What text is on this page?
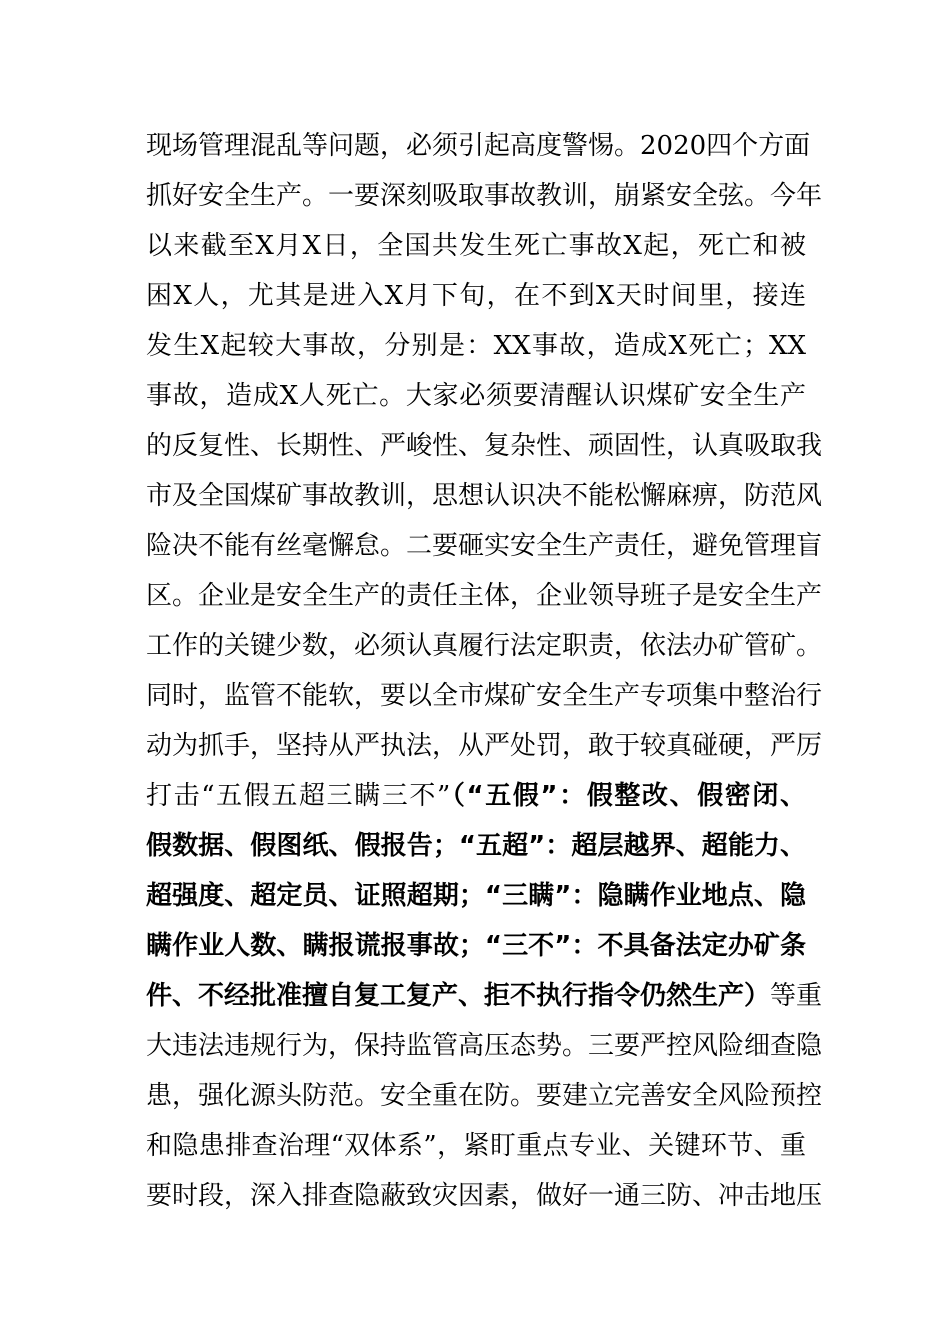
现场管理混乱等问题，必须引起高度警惕。2020四个方面
抓好安全生产。一要深刻吸取事故教训，崩紧安全弦。今年
以来截至X月X日，全国共发生死亡事故X起，死亡和被
困X人，尤其是进入X月下旬，在不到X天时间里，接连
发生X起较大事故，分别是：XX事故，造成X死亡；XX
事故，造成X人死亡。大家必须要清醒认识煤矿安全生产
的反复性、长期性、严峻性、复杂性、顽固性，认真吸取我
市及全国煤矿事故教训，思想认识决不能松懈麻痹，防范风
险决不能有丝毫懈怠。二要砸实安全生产责任，避免管理盲
区。企业是安全生产的责任主体，企业领导班子是安全生产
工作的关键少数，必须认真履行法定职责，依法办矿管矿。
同时，监管不能软，要以全市煤矿安全生产专项集中整治行
动为抓手，坚持从严执法，从严处罚，敢于较真碰硬，严厉
打击“五假五超三瞒三不”（“五假”：假整改、假密闭、
假数据、假图纸、假报告；“五超”：超层越界、超能力、
超强度、超定员、证照超期；“三瞒”：隐瞒作业地点、隐
瞒作业人数、瞒报谎报事故；“三不”：不具备法定办矿条
件、不经批准擅自复工复产、拒不执行指令仍然生产）等重
大违法违规行为，保持监管高压态势。三要严控风险细查隐
患，强化源头防范。安全重在防。要建立完善安全风险预控
和隐患排查治理“双体系”，紧盯重点专业、关键环节、重
要时段，深入排查隐蔽致灾因素，做好一通三防、冲击地压
